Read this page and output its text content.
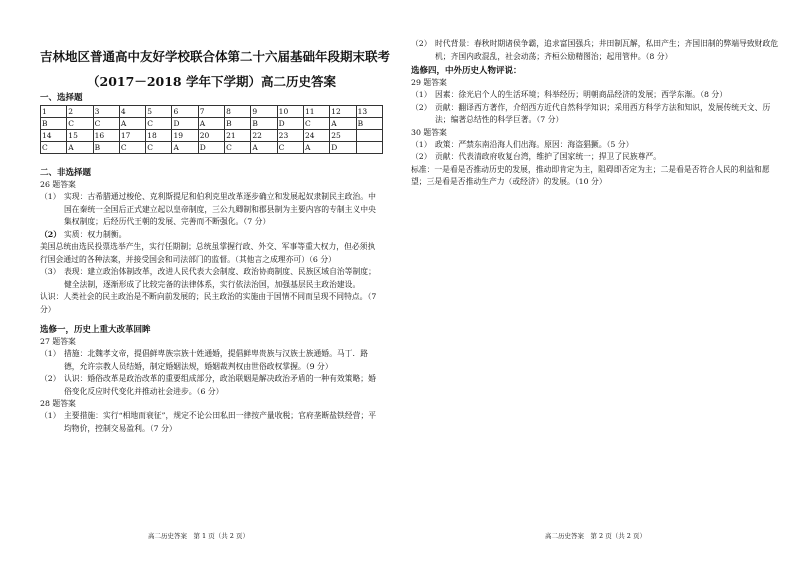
吉林地区普通高中友好学校联合体第二十六届基础年段期末联考
（2017－2018 学年下学期）高二历史答案
一、选择题
1	2	3	4	5	6	7	8	9	10	11	12	13
B	C	C	A	C	D	A	B	B	D	C	A	B
14	15	16	17	18	19	20	21	22	23	24	25	
C	A	B	C	C	A	D	C	A	C	A	D	
二、非选择题

26 题答案

（1） 实现：古希腊通过梭伦、克利斯提尼和伯利克里改革逐步确立和发展起奴隶制民主政治。中国在秦统一全国后正式建立起以皇帝制度，三公九卿制和郡县制为主要内容的专制主义中央集权制度；后经历代王朝的发展、完善而不断强化。（7 分）
（2） 实质：权力制衡。

美国总统由选民投票选举产生，实行任期制；总统虽掌握行政、外交、军事等重大权力，但必须执行国会通过的各种法案，并接受国会和司法部门的监督。（其他言之成理亦可）（6 分）

（3） 表现：建立政治体制改革，改进人民代表大会制度、政治协商制度、民族区域自治等制度；健全法制，逐渐形成了比较完备的法律体系，实行依法治国，加强基层民主政治建设。

认识：人类社会的民主政治是不断向前发展的；民主政治的实施由于国情不同而呈现不同特点。（7 分）

选修一，历史上重大改革回眸

27 题答案

（1） 措施：北魏孝文帝，提倡鲜卑族宗族十姓通婚，提倡鲜卑贵族与汉族士族通婚。马丁．路德，允许宗教人员结婚，制定婚姻法规，婚姻裁判权由世俗政权掌握。（9 分）
（2） 认识：婚俗改革是政治改革的重要组成部分，政治联姻是解决政治矛盾的一种有效策略；婚俗变化反应时代变化并推动社会进步。（6 分）

28 题答案

（1） 主要措施：实行“相地而衰征”，规定不论公田私田一律按产量收税；官府垄断盐铁经营；平均物价，控制交易盈利。（7 分）
高二历史答案　第 1 页（共 2 页）
（2） 时代背景：春秋时期诸侯争霸，追求富国强兵；井田制瓦解，私田产生；齐国旧制的弊端导致财政危机；齐国内政混乱，社会动荡；齐桓公励精图治；起用管仲。（8 分）
选修四，中外历史人物评说：

29 题答案

（1） 因素：徐光启个人的生活环境；科举经历；明朝商品经济的发展；西学东渐。（8 分）
（2） 贡献：翻译西方著作，介绍西方近代自然科学知识；采用西方科学方法和知识，发展传统天文、历法；编著总结性的科学巨著。（7 分）

30 题答案

（1） 政策：严禁东南沿海人们出海。原因：海盗猖獗。（5 分）
（2） 贡献：代表清政府收复台湾，维护了国家统一；捍卫了民族尊严。

标准：一是看是否推动历史的发展，推动即肯定为主，阻碍即否定为主；二是看是否符合人民的利益和愿望；三是看是否推动生产力（或经济）的发展。（10 分）

高二历史答案　第 2 页（共 2 页）
